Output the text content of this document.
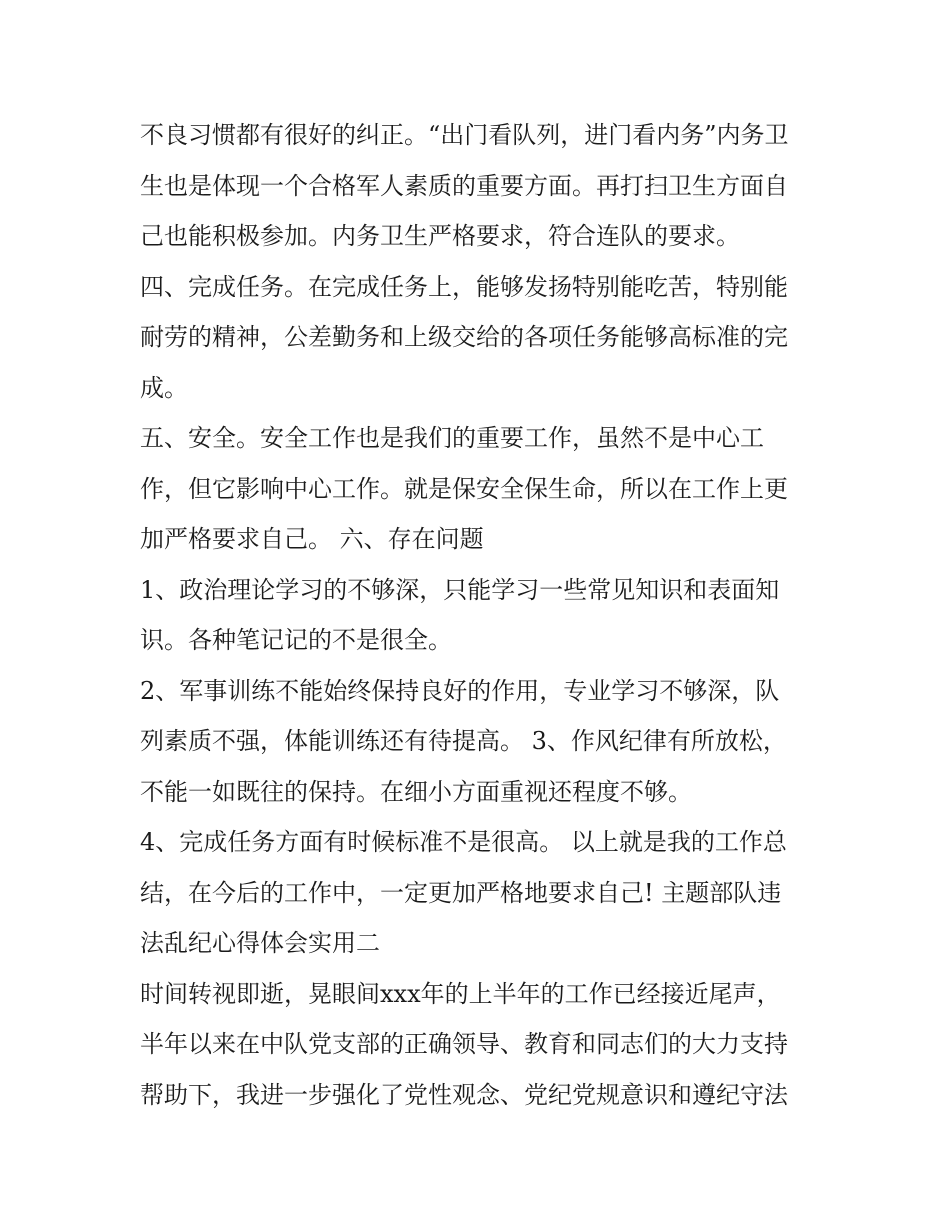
不良习惯都有很好的纠正。“出门看队列，进门看内务”内务卫
生也是体现一个合格军人素质的重要方面。再打扫卫生方面自
己也能积极参加。内务卫生严格要求，符合连队的要求。
四、完成任务。在完成任务上，能够发扬特别能吃苦，特别能
耐劳的精神，公差勤务和上级交给的各项任务能够高标准的完
成。
五、安全。安全工作也是我们的重要工作，虽然不是中心工
作，但它影响中心工作。就是保安全保生命，所以在工作上更
加严格要求自己。 六、存在问题
1、政治理论学习的不够深，只能学习一些常见知识和表面知
识。各种笔记记的不是很全。
2、军事训练不能始终保持良好的作用，专业学习不够深，队
列素质不强，体能训练还有待提高。 3、作风纪律有所放松，
不能一如既往的保持。在细小方面重视还程度不够。
4、完成任务方面有时候标准不是很高。 以上就是我的工作总
结，在今后的工作中，一定更加严格地要求自己! 主题部队违
法乱纪心得体会实用二
时间转视即逝，晃眼间xxx年的上半年的工作已经接近尾声，
半年以来在中队党支部的正确领导、教育和同志们的大力支持
帮助下，我进一步强化了党性观念、党纪党规意识和遵纪守法
